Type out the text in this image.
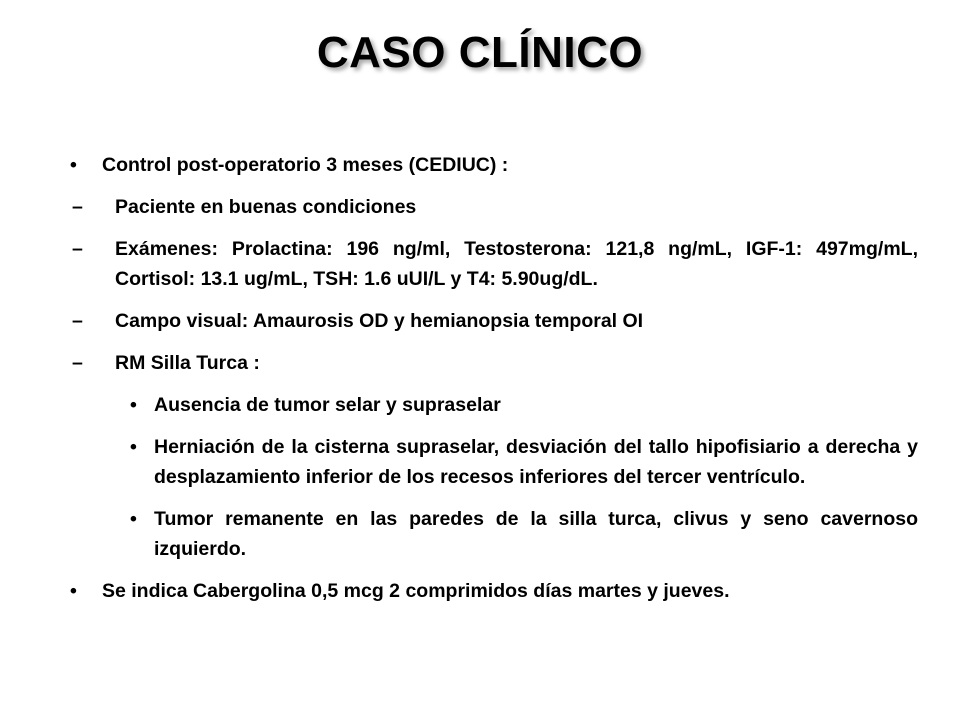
CASO CLÍNICO
• Control post-operatorio 3 meses (CEDIUC) :
– Paciente en buenas condiciones
– Exámenes: Prolactina: 196 ng/ml, Testosterona: 121,8 ng/mL, IGF-1: 497mg/mL, Cortisol: 13.1 ug/mL, TSH: 1.6 uUI/L y T4: 5.90ug/dL.
– Campo visual: Amaurosis OD y hemianopsia temporal OI
– RM Silla Turca :
• Ausencia de tumor selar y supraselar
• Herniación de la cisterna supraselar, desviación del tallo hipofisiario a derecha y desplazamiento inferior de los recesos inferiores del tercer ventrículo.
• Tumor remanente en las paredes de la silla turca, clivus y seno cavernoso izquierdo.
• Se indica Cabergolina 0,5 mcg 2 comprimidos días martes y jueves.
